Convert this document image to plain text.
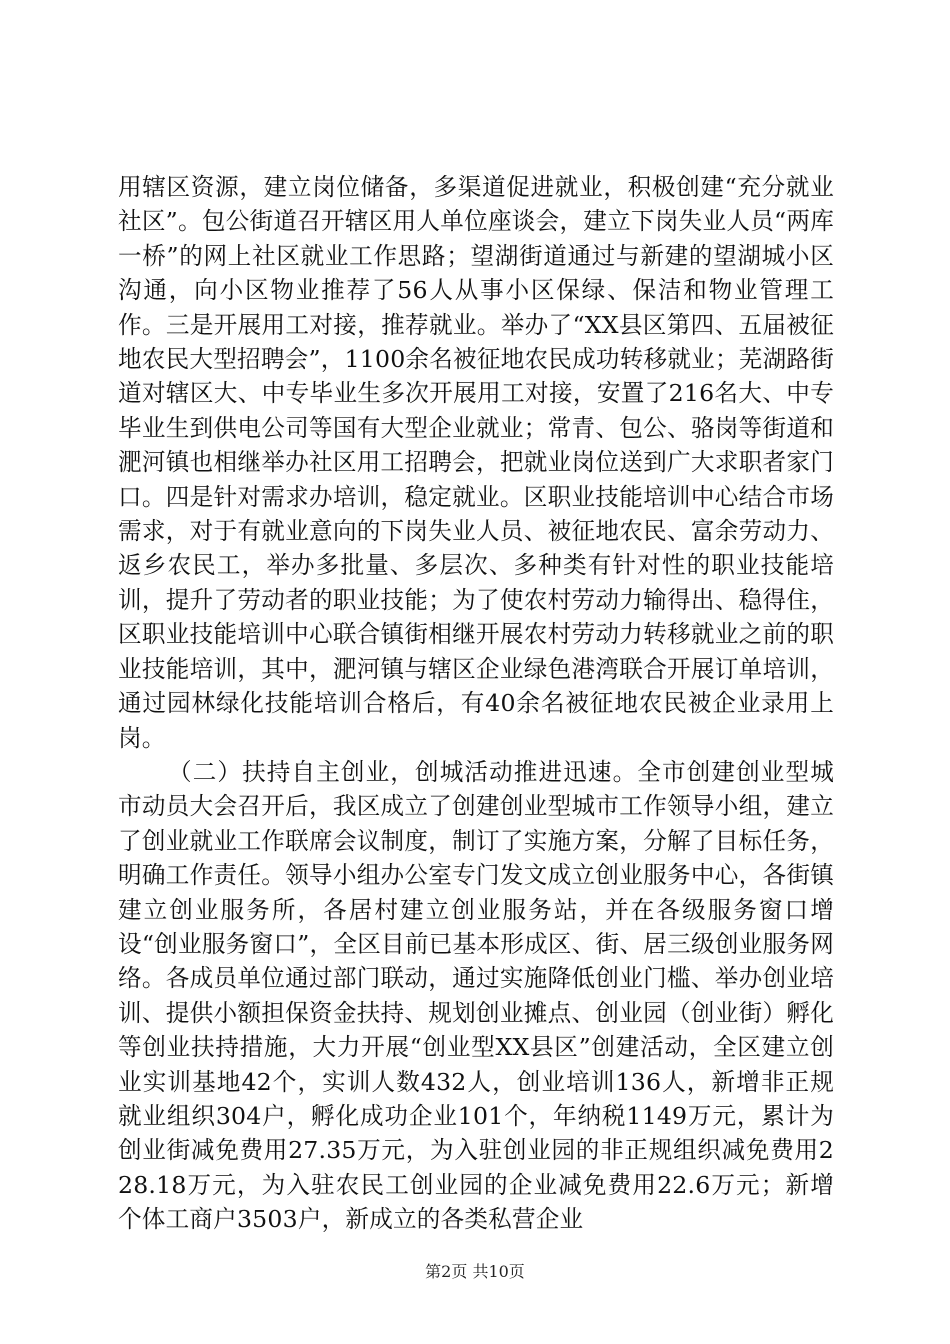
用辖区资源，建立岗位储备，多渠道促进就业，积极创建“充分就业社区”。包公街道召开辖区用人单位座谈会，建立下岗失业人员“两库一桥”的网上社区就业工作思路；望湖街道通过与新建的望湖城小区沟通，向小区物业推荐了56人从事小区保绿、保洁和物业管理工作。三是开展用工对接，推荐就业。举办了“XX县区第四、五届被征地农民大型招聘会”，1100余名被征地农民成功转移就业；芜湖路街道对辖区大、中专毕业生多次开展用工对接，安置了216名大、中专毕业生到供电公司等国有大型企业就业；常青、包公、骆岗等街道和淝河镇也相继举办社区用工招聘会，把就业岗位送到广大求职者家门口。四是针对需求办培训，稳定就业。区职业技能培训中心结合市场需求，对于有就业意向的下岗失业人员、被征地农民、富余劳动力、返乡农民工，举办多批量、多层次、多种类有针对性的职业技能培训，提升了劳动者的职业技能；为了使农村劳动力输得出、稳得住，区职业技能培训中心联合镇街相继开展农村劳动力转移就业之前的职业技能培训，其中，淝河镇与辖区企业绿色港湾联合开展订单培训，通过园林绿化技能培训合格后，有40余名被征地农民被企业录用上岗。

（二）扶持自主创业，创城活动推进迅速。全市创建创业型城市动员大会召开后，我区成立了创建创业型城市工作领导小组，建立了创业就业工作联席会议制度，制订了实施方案，分解了目标任务，明确工作责任。领导小组办公室专门发文成立创业服务中心，各街镇建立创业服务所，各居村建立创业服务站，并在各级服务窗口增设“创业服务窗口”，全区目前已基本形成区、街、居三级创业服务网络。各成员单位通过部门联动，通过实施降低创业门槛、举办创业培训、提供小额担保资金扶持、规划创业摊点、创业园（创业街）孵化等创业扶持措施，大力开展“创业型XX县区”创建活动，全区建立创业实训基地42个，实训人数432人，创业培训136人，新增非正规就业组织304户，孵化成功企业101个，年纳税1149万元，累计为创业街减免费用27.35万元，为入驻创业园的非正规组织减免费用228.18万元，为入驻农民工创业园的企业减免费用22.6万元；新增个体工商户3503户，新成立的各类私营企业

第2页 共10页
